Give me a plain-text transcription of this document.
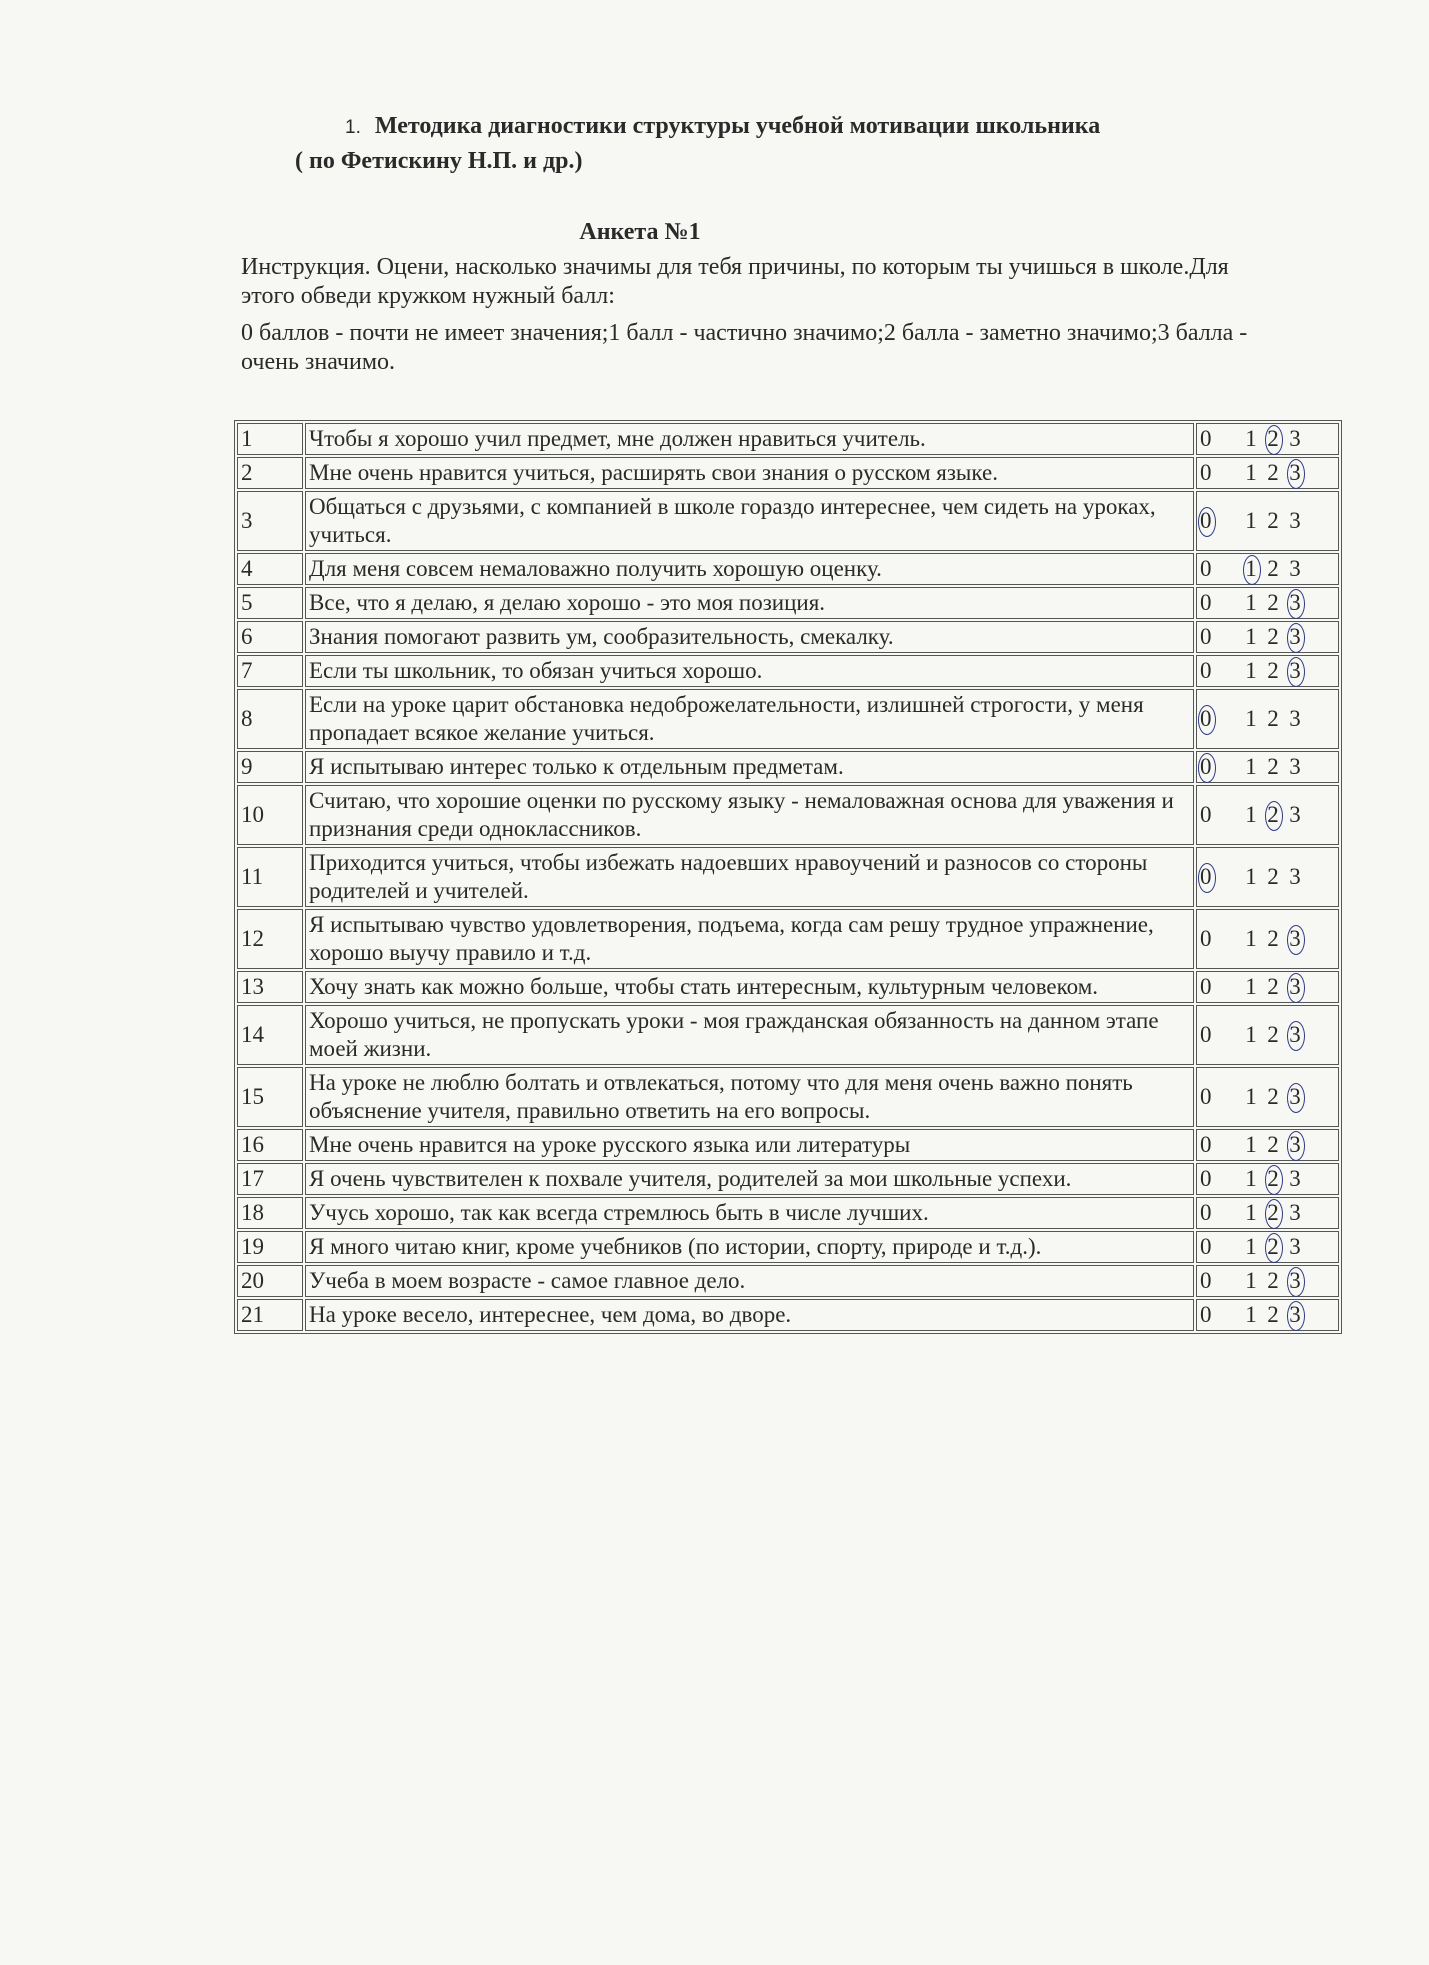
1. Методика диагностики структуры учебной мотивации школьника
( по Фетискину Н.П. и др.)
Анкета №1

Инструкция. Оцени, насколько значимы для тебя причины, по которым ты учишься в школе.Для этого обведи кружком нужный балл:

0 баллов - почти не имеет значения;1 балл - частично значимо;2 балла - заметно значимо;3 балла - очень значимо.

1	Чтобы я хорошо учил предмет, мне должен нравиться учитель.	0 1 2 3
2	Мне очень нравится учиться, расширять свои знания о русском языке.	0 1 2 3
3	Общаться с друзьями, с компанией в школе гораздо интереснее, чем сидеть на уроках, учиться.	0 1 2 3
4	Для меня совсем немаловажно получить хорошую оценку.	0 1 2 3
5	Все, что я делаю, я делаю хорошо - это моя позиция.	0 1 2 3
6	Знания помогают развить ум, сообразительность, смекалку.	0 1 2 3
7	Если ты школьник, то обязан учиться хорошо.	0 1 2 3
8	Если на уроке царит обстановка недоброжелательности, излишней строгости, у меня пропадает всякое желание учиться.	0 1 2 3
9	Я испытываю интерес только к отдельным предметам.	0 1 2 3
10	Считаю, что хорошие оценки по русскому языку - немаловажная основа для уважения и признания среди одноклассников.	0 1 2 3
11	Приходится учиться, чтобы избежать надоевших нравоучений и разносов со стороны родителей и учителей.	0 1 2 3
12	Я испытываю чувство удовлетворения, подъема, когда сам решу трудное упражнение, хорошо выучу правило и т.д.	0 1 2 3
13	Хочу знать как можно больше, чтобы стать интересным, культурным человеком.	0 1 2 3
14	Хорошо учиться, не пропускать уроки - моя гражданская обязанность на данном этапе моей жизни.	0 1 2 3
15	На уроке не люблю болтать и отвлекаться, потому что для меня очень важно понять объяснение учителя, правильно ответить на его вопросы.	0 1 2 3
16	Мне очень нравится на уроке русского языка или литературы	0 1 2 3
17	Я очень чувствителен к похвале учителя, родителей за мои школьные успехи.	0 1 2 3
18	Учусь хорошо, так как всегда стремлюсь быть в числе лучших.	0 1 2 3
19	Я много читаю книг, кроме учебников (по истории, спорту, природе и т.д.).	0 1 2 3
20	Учеба в моем возрасте - самое главное дело.	0 1 2 3
21	На уроке весело, интереснее, чем дома, во дворе.	0 1 2 3
